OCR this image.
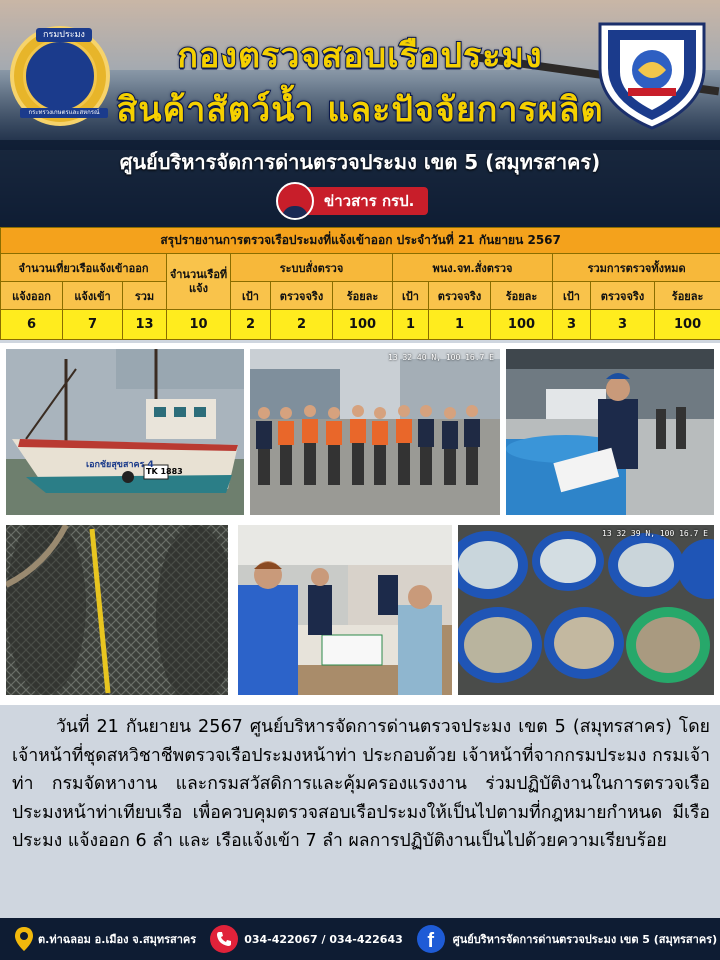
กรมประมง
กระทรวงเกษตรและสหกรณ์
กองตรวจสอบเรือประมง
สินค้าสัตว์น้ำ และปัจจัยการผลิต
ศูนย์บริหารจัดการด่านตรวจประมง เขต 5 (สมุทรสาคร)
ข่าวสาร กรป.
สรุปรายงานการตรวจเรือประมงที่แจ้งเข้าออก ประจำวันที่ 21 กันยายน 2567												
จำนวนเที่ยวเรือแจ้งเข้าออก			จำนวนเรือที่แจ้ง	ระบบสั่งตรวจ			พนง.จท.สั่งตรวจ			รวมการตรวจทั้งหมด		
แจ้งออก	แจ้งเข้า	รวม		เป้า	ตรวจจริง	ร้อยละ	เป้า	ตรวจจริง	ร้อยละ	เป้า	ตรวจจริง	ร้อยละ
6	7	13	10	2	2	100	1	1	100	3	3	100
เอกชัยสุขสาคร 4
TK 1883
13 32 40 N, 100 16.7 E
13 32 39 N, 100 16.7 E
วันที่ 21 กันยายน 2567 ศูนย์บริหารจัดการด่านตรวจประมง เขต 5 (สมุทรสาคร) โดยเจ้าหน้าที่ชุดสหวิชาชีพตรวจเรือประมงหน้าท่า ประกอบด้วย เจ้าหน้าที่จากกรมประมง กรมเจ้าท่า กรมจัดหางาน และกรมสวัสดิการและคุ้มครองแรงงาน ร่วมปฏิบัติงานในการตรวจเรือประมงหน้าท่าเทียบเรือ เพื่อควบคุมตรวจสอบเรือประมงให้เป็นไปตามที่กฎหมายกำหนด มีเรือประมง แจ้งออก 6 ลำ และ เรือแจ้งเข้า 7 ลำ ผลการปฏิบัติงานเป็นไปด้วยความเรียบร้อย
ต.ท่าฉลอม อ.เมือง จ.สมุทรสาคร	034-422067 / 034-422643	f	ศูนย์บริหารจัดการด่านตรวจประมง เขต 5 (สมุทรสาคร)
